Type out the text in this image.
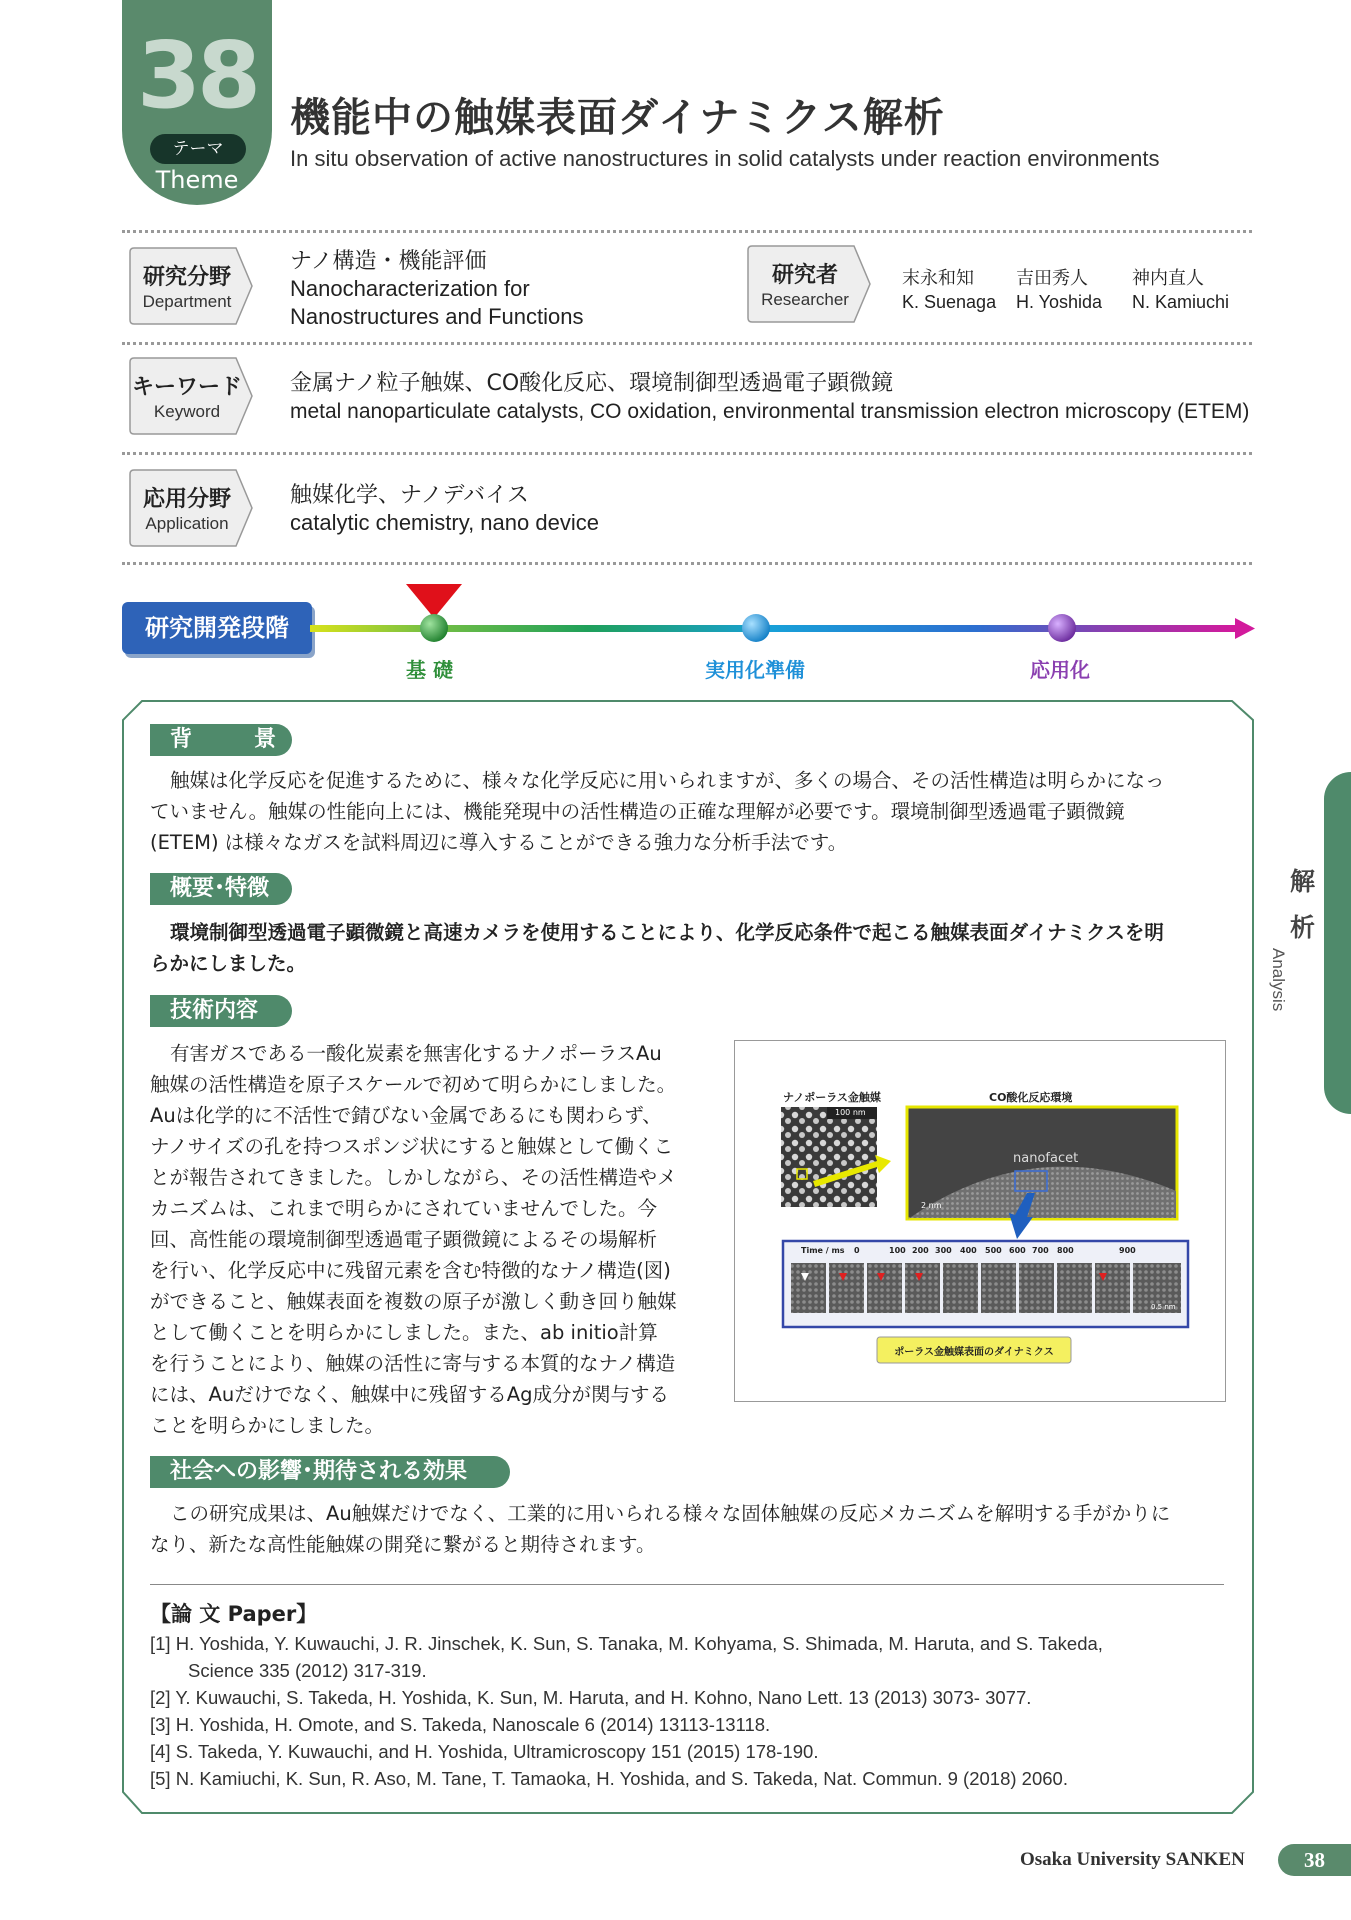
38
テーマ
Theme
機能中の触媒表面ダイナミクス解析
In situ observation of active nanostructures in solid catalysts under reaction environments
研究分野
Department
ナノ構造・機能評価
Nanocharacterization for
Nanostructures and Functions
研究者
Researcher
末永和知
K. Suenaga
吉田秀人
H. Yoshida
神内直人
N. Kamiuchi
キーワード
Keyword
金属ナノ粒子触媒、CO酸化反応、環境制御型透過電子顕微鏡
metal nanoparticulate catalysts, CO oxidation, environmental transmission electron microscopy (ETEM)
応用分野
Application
触媒化学、ナノデバイス
catalytic chemistry, nano device
研究開発段階
基 礎	実用化準備	応用化
背　　景
触媒は化学反応を促進するために、様々な化学反応に用いられますが、多くの場合、その活性構造は明らかになっ
ていません。触媒の性能向上には、機能発現中の活性構造の正確な理解が必要です。環境制御型透過電子顕微鏡
(ETEM) は様々なガスを試料周辺に導入することができる強力な分析手法です。
概要･特徴
環境制御型透過電子顕微鏡と高速カメラを使用することにより、化学反応条件で起こる触媒表面ダイナミクスを明
らかにしました。
技術内容
有害ガスである一酸化炭素を無害化するナノポーラスAu
触媒の活性構造を原子スケールで初めて明らかにしました。
Auは化学的に不活性で錆びない金属であるにも関わらず、
ナノサイズの孔を持つスポンジ状にすると触媒として働くこ
とが報告されてきました。しかしながら、その活性構造やメ
カニズムは、これまで明らかにされていませんでした。今
回、高性能の環境制御型透過電子顕微鏡によるその場解析
を行い、化学反応中に残留元素を含む特徴的なナノ構造(図)
ができること、触媒表面を複数の原子が激しく動き回り触媒
として働くことを明らかにしました。また、ab initio計算
を行うことにより、触媒の活性に寄与する本質的なナノ構造
には、Auだけでなく、触媒中に残留するAg成分が関与する
ことを明らかにしました。
ナノポーラス金触媒	CO酸化反応環境
100 nm
2 nm
nanofacet
Time / ms 0	100 200 300 400 500 600 700 800	900
0.5 nm
ポーラス金触媒表面のダイナミクス
社会への影響･期待される効果
この研究成果は、Au触媒だけでなく、工業的に用いられる様々な固体触媒の反応メカニズムを解明する手がかりに
なり、新たな高性能触媒の開発に繋がると期待されます。
【論 文 Paper】
[1] H. Yoshida, Y. Kuwauchi, J. R. Jinschek, K. Sun, S. Tanaka, M. Kohyama, S. Shimada, M. Haruta, and S. Takeda,
Science 335 (2012) 317-319.
[2] Y. Kuwauchi, S. Takeda, H. Yoshida, K. Sun, M. Haruta, and H. Kohno, Nano Lett. 13 (2013) 3073- 3077.
[3] H. Yoshida, H. Omote, and S. Takeda, Nanoscale 6 (2014) 13113-13118.
[4] S. Takeda, Y. Kuwauchi, and H. Yoshida, Ultramicroscopy 151 (2015) 178-190.
[5] N. Kamiuchi, K. Sun, R. Aso, M. Tane, T. Tamaoka, H. Yoshida, and S. Takeda, Nat. Commun. 9 (2018) 2060.
解
析
Analysis
Osaka University SANKEN	38
